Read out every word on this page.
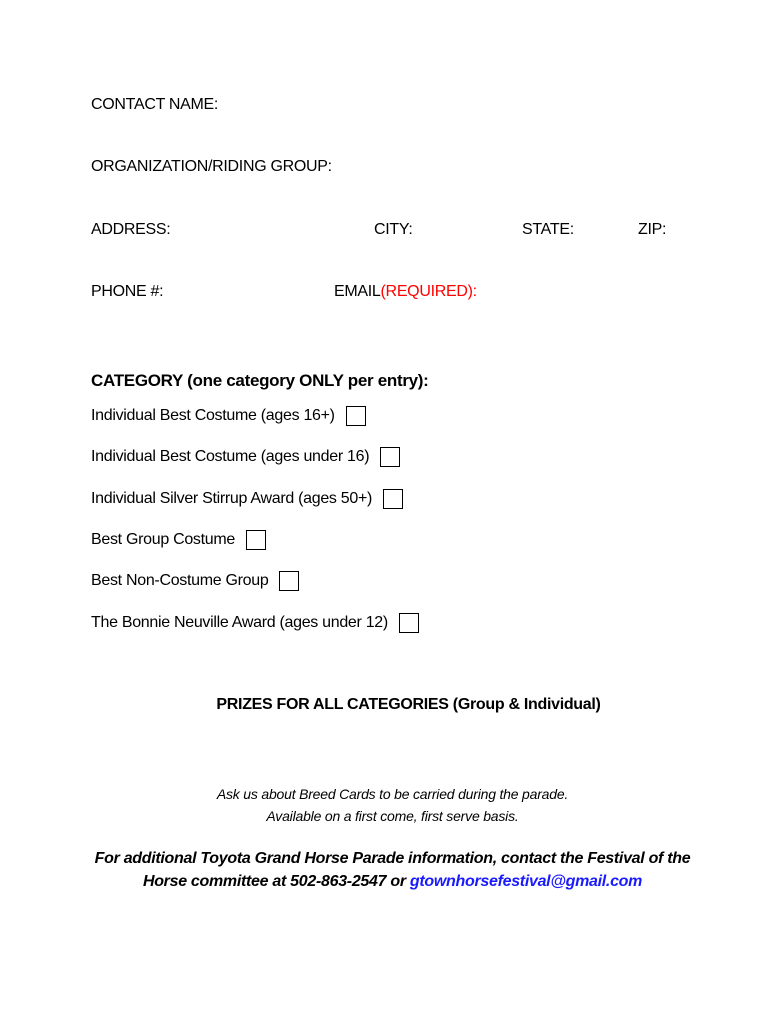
CONTACT NAME:
ORGANIZATION/RIDING GROUP:
ADDRESS:	CITY:	STATE:	ZIP:
PHONE #:	EMAIL(REQUIRED):
CATEGORY (one category ONLY per entry):
Individual Best Costume (ages 16+)
Individual Best Costume (ages under 16)
Individual Silver Stirrup Award (ages 50+)
Best Group Costume
Best Non-Costume Group
The Bonnie Neuville Award (ages under 12)
PRIZES FOR ALL CATEGORIES (Group & Individual)
Ask us about Breed Cards to be carried during the parade.
Available on a first come, first serve basis.
For additional Toyota Grand Horse Parade information, contact the Festival of the
Horse committee at 502-863-2547 or gtownhorsefestival@gmail.com
